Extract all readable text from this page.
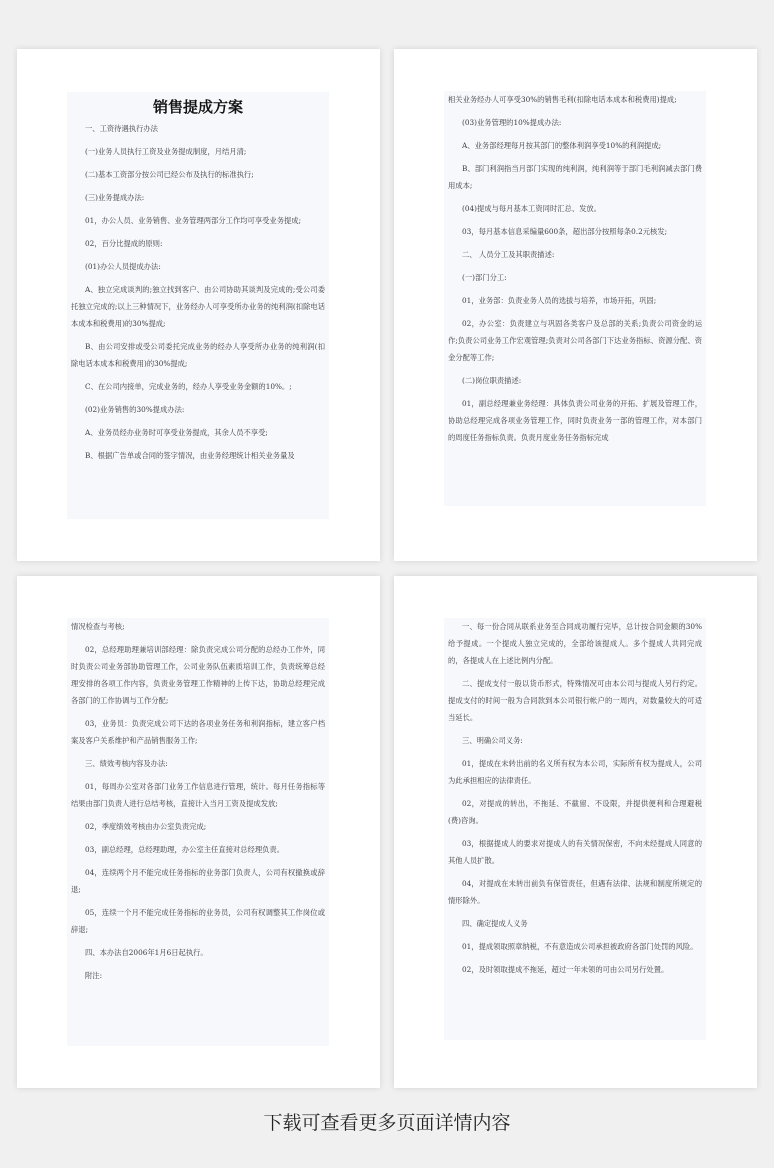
销售提成方案

一、工资待遇执行办法

(一)业务人员执行工资及业务提成制度，月结月清;

(二)基本工资部分按公司已经公布及执行的标准执行;

(三)业务提成办法:

01，办公人员、业务销售、业务管理两部分工作均可享受业务提成;

02，百分比提成的原则:

(01)办公人员提成办法:

A、独立完成谈判的;独立找到客户、由公司协助其谈判及完成的;受公司委托独立完成的;以上三种情况下，业务经办人可享受所办业务的纯利润(扣除电话本成本和税费用)的30%提成;

B、由公司安排或受公司委托完成业务的经办人享受所办业务的纯利润(扣除电话本成本和税费用)的30%提成;

C、在公司内接单，完成业务的，经办人享受业务金额的10%。;

(02)业务销售的30%提成办法:

A、业务员经办业务时可享受业务提成，其余人员不享受;

B、根据广告单或合同的签字情况，由业务经理统计相关业务量及

相关业务经办人可享受30%的销售毛利(扣除电话本成本和税费用)提成;

(03)业务管理的10%提成办法:

A、业务部经理每月按其部门的整体利润享受10%的利润提成;

B、部门利润指当月部门实现的纯利润，纯利润等于部门毛利润减去部门费用成本;

(04)提成与每月基本工资同时汇总、发放。

03，每月基本信息采编量600条，超出部分按照每条0.2元核发;

二、 人员分工及其职责描述:

(一)部门分工:

01，业务部：负责业务人员的选拔与培养，市场开拓，巩固;

02，办公室：负责建立与巩固各类客户及总部的关系;负责公司资金的运作;负责公司业务工作宏观管理;负责对公司各部门下达业务指标、资源分配、资金分配等工作;

(二)岗位职责描述:

01，副总经理兼业务经理：具体负责公司业务的开拓、扩展及管理工作，协助总经理完成各项业务管理工作，同时负责业务一部的管理工作，对本部门的周度任务指标负责。负责月度业务任务指标完成

情况检查与考核;

02，总经理助理兼培训部经理：除负责完成公司分配的总经办工作外，同时负责公司业务部协助管理工作，公司业务队伍素质培训工作，负责统筹总经理安排的各项工作内容，负责业务管理工作精神的上传下达，协助总经理完成各部门的工作协调与工作分配;

03，业务员：负责完成公司下达的各项业务任务和利润指标，建立客户档案及客户关系维护和产品销售服务工作;

三、绩效考核内容及办法:

01，每周办公室对各部门业务工作信息进行管理，统计。每月任务指标等结果由部门负责人进行总结考核，直接计入当月工资及提成发放;

02，季度绩效考核由办公室负责完成;

03，副总经理，总经理助理，办公室主任直接对总经理负责。

04，连续两个月不能完成任务指标的业务部门负责人，公司有权撤换或辞退;

05，连续一个月不能完成任务指标的业务员，公司有权调整其工作岗位或辞退;

四、本办法自2006年1月6日起执行。

附注:

一、每一份合同从联系业务至合同成功履行完毕，总计按合同金额的30%给予提成。一个提成人独立完成的，全部给该提成人。多个提成人共同完成的，各提成人在上述比例内分配。

二、提成支付一般以货币形式，特殊情况可由本公司与提成人另行约定。提成支付的时间一般为合同款到本公司银行帐户的一周内，对数量较大的可适当延长。

三、明确公司义务:

01，提成在未转出前的名义所有权为本公司，实际所有权为提成人，公司为此承担相应的法律责任。

02，对提成的转出，不拖延、不截留、不设限，并提供便利和合理避税(费)咨询。

03，根据提成人的要求对提成人的有关情况保密，不向未经提成人同意的其他人员扩散。

04，对提成在未转出前负有保管责任，但遇有法律、法规和制度所规定的情形除外。

四、确定提成人义务

01，提成领取照章纳税，不有意造成公司承担被政府各部门处罚的风险。

02，及时领取提成不拖延，超过一年未领的可由公司另行处置。

下载可查看更多页面详情内容
